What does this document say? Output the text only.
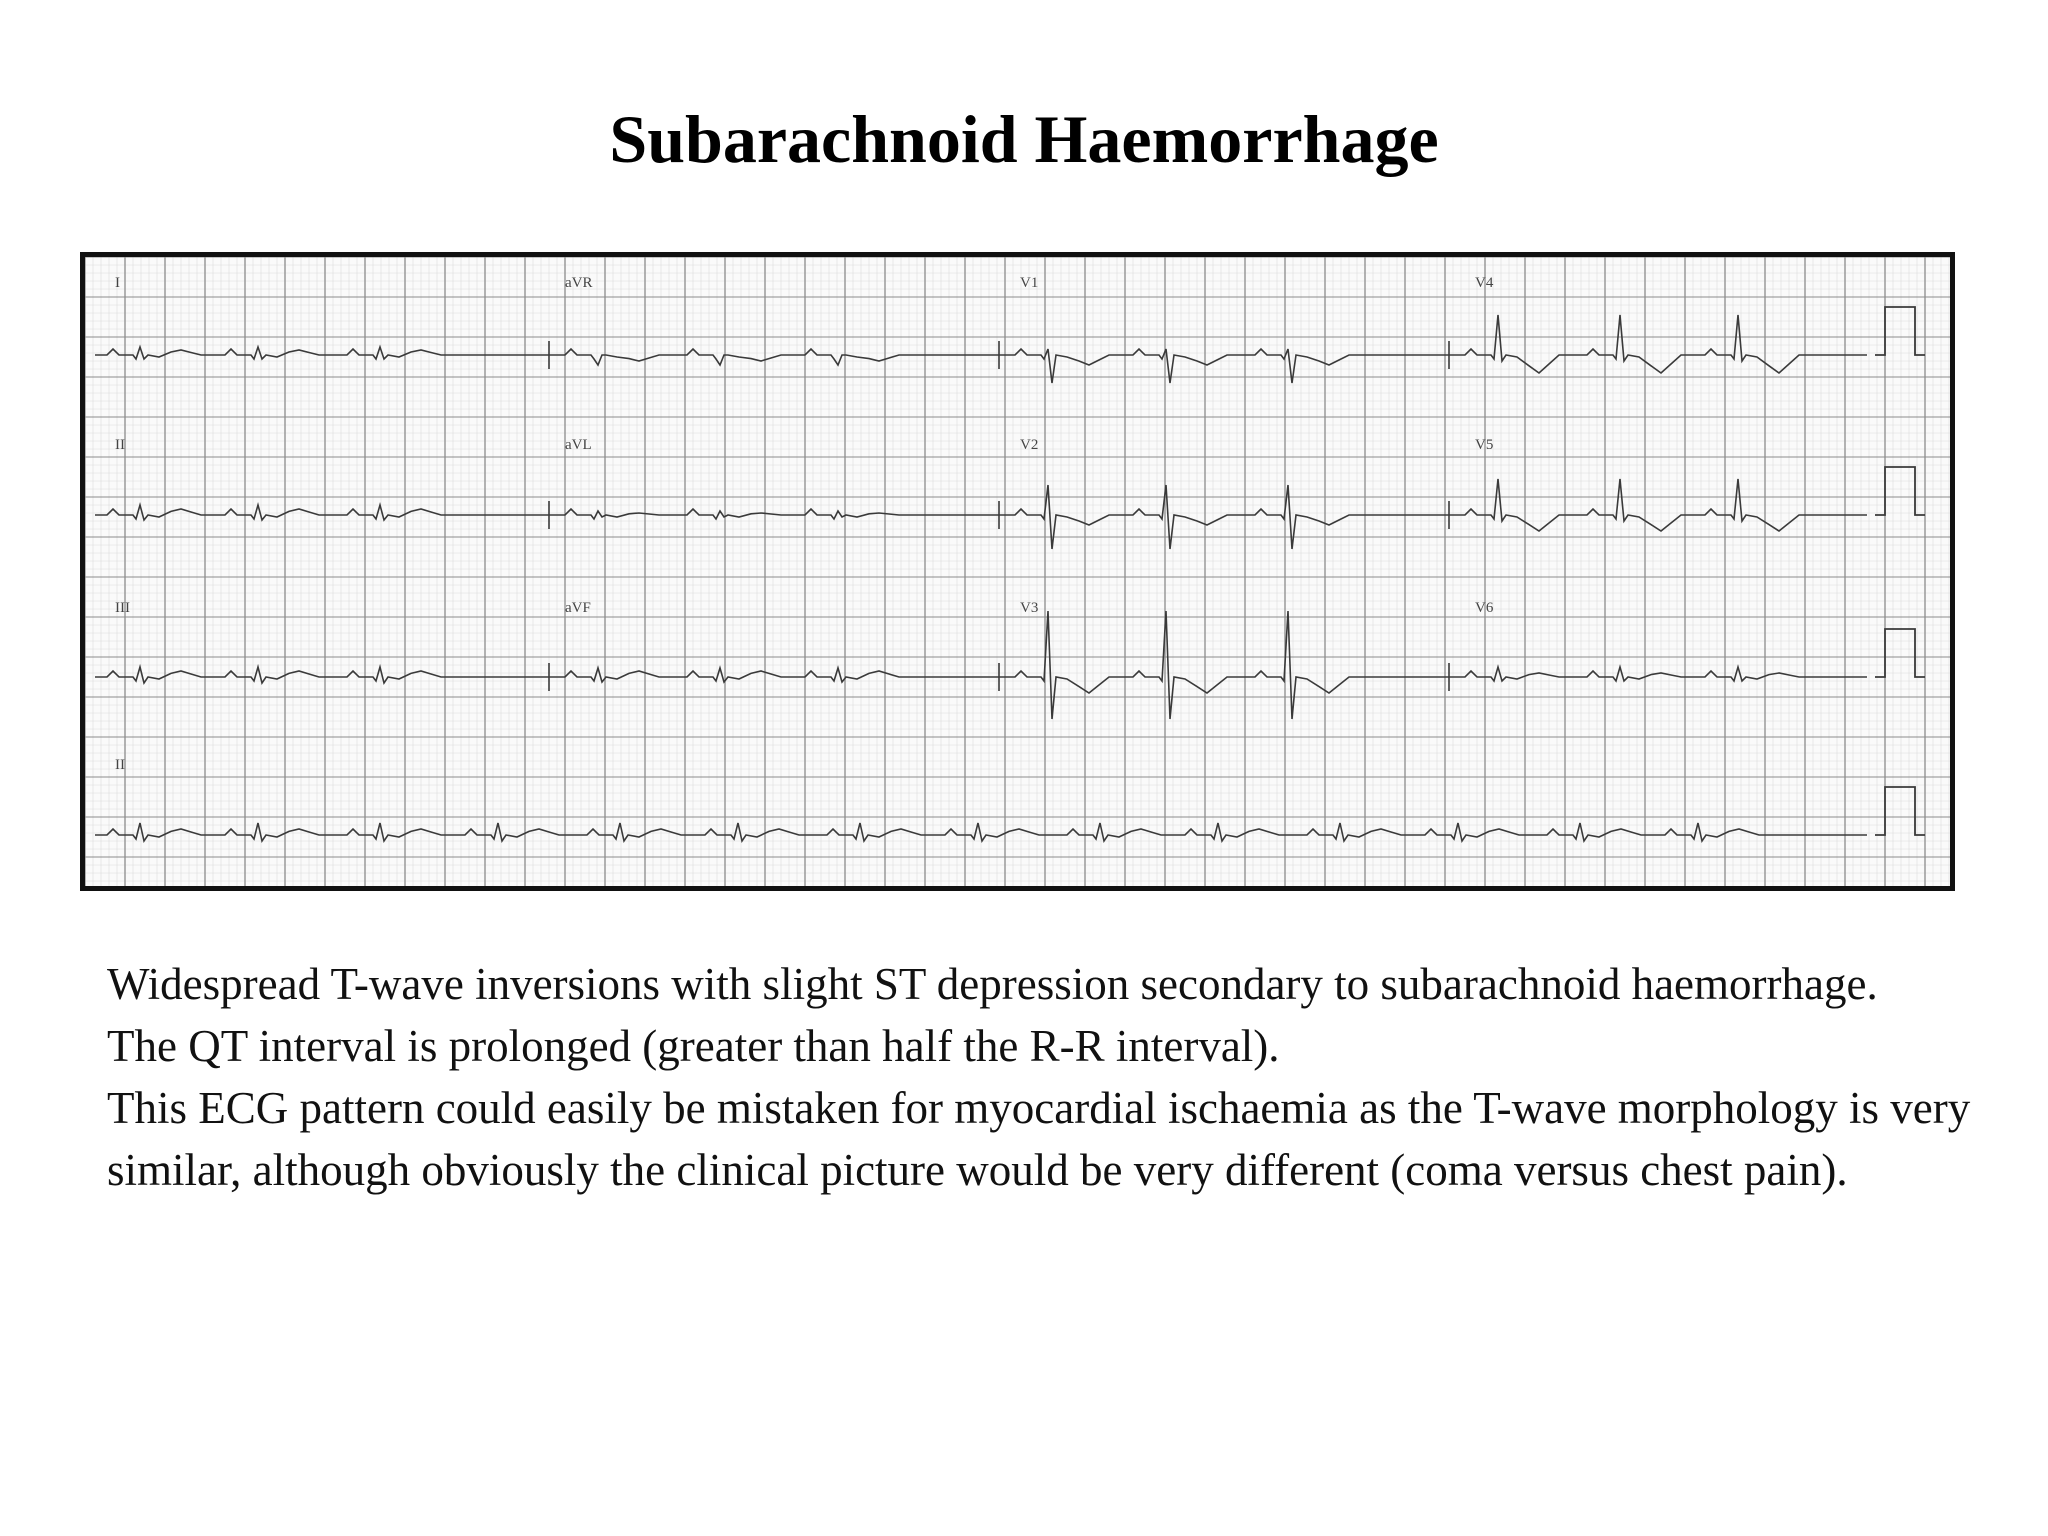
Subarachnoid Haemorrhage
I	aVR	V1	V4
II	aVL	V2	V5
III	aVF	V3	V6
II

Widespread T-wave inversions with slight ST depression secondary to subarachnoid haemorrhage.

The QT interval is prolonged (greater than half the R-R interval).

This ECG pattern could easily be mistaken for myocardial ischaemia as the T-wave morphology is very similar, although obviously the clinical picture would be very different (coma versus chest pain).
